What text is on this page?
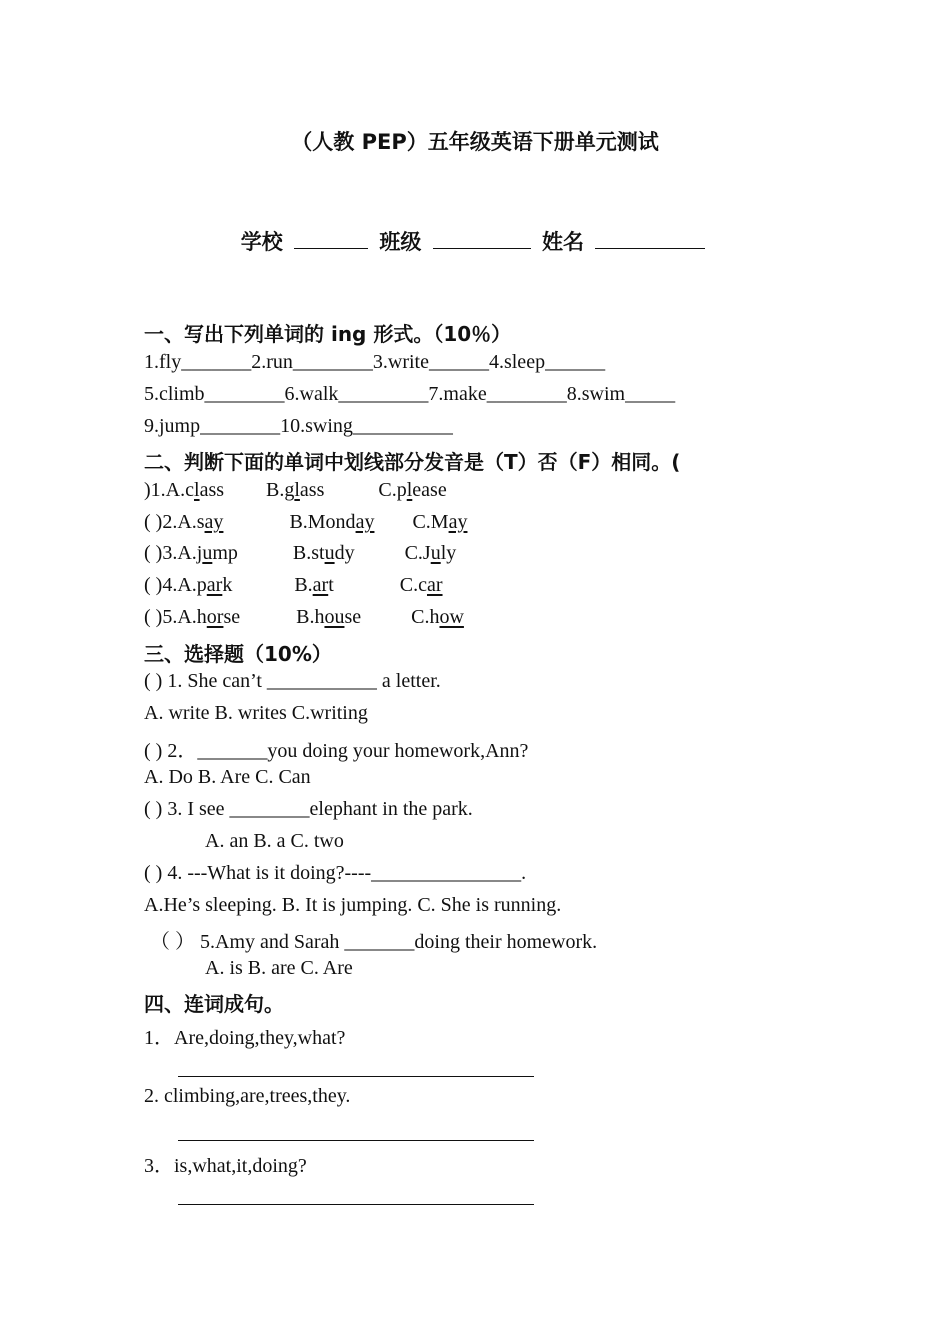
（人教 PEP）五年级英语下册单元测试
学校	班级	姓名
一、写出下列单词的 ing 形式。（10％）
1.fly_______2.run________3.write______4.sleep______
5.climb________6.walk_________7.make________8.swim_____
9.jump________10.swing__________
二、判断下面的单词中划线部分发音是（T）否（F）相同。(
)1.A.class B.glass	C.please
( )2.A.say	B.Monday C.May
( )3.A.jump	B.study	C.July
( )4.A.park	B.art	C.car
( )5.A.horse	B.house	C.how
三、选择题（10%）
( ) 1. She can’t ___________ a letter.
A. write B. writes C.writing
( ) 2．_______you doing your homework,Ann?
A. Do B. Are C. Can
( ) 3. I see ________elephant in the park.
A. an B. a C. two
( ) 4. ---What is it doing?----_______________.
A.He’s sleeping. B. It is jumping. C. She is running.
（ ） 5.Amy and Sarah _______doing their homework.
A. is B. are C. Are
四、连词成句。
1．Are,doing,they,what?
2. climbing,are,trees,they.
3．is,what,it,doing?
